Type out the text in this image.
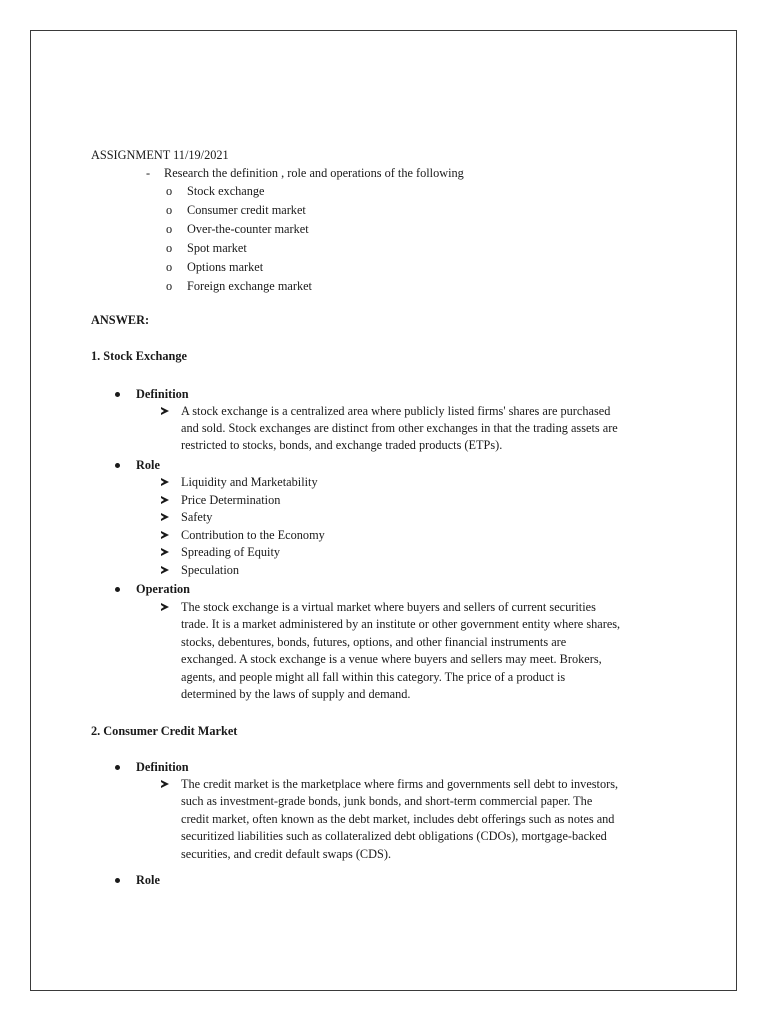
ASSIGNMENT 11/19/2021
- Research the definition , role and operations of the following
o Stock exchange
o Consumer credit market
o Over-the-counter market
o Spot market
o Options market
o Foreign exchange market
ANSWER:
1. Stock Exchange
Definition
A stock exchange is a centralized area where publicly listed firms' shares are purchased
and sold. Stock exchanges are distinct from other exchanges in that the trading assets are
restricted to stocks, bonds, and exchange traded products (ETPs).
Role
Liquidity and Marketability
Price Determination
Safety
Contribution to the Economy
Spreading of Equity
Speculation
Operation
The stock exchange is a virtual market where buyers and sellers of current securities
trade. It is a market administered by an institute or other government entity where shares,
stocks, debentures, bonds, futures, options, and other financial instruments are
exchanged. A stock exchange is a venue where buyers and sellers may meet. Brokers,
agents, and people might all fall within this category. The price of a product is
determined by the laws of supply and demand.
2. Consumer Credit Market
Definition
The credit market is the marketplace where firms and governments sell debt to investors,
such as investment-grade bonds, junk bonds, and short-term commercial paper. The
credit market, often known as the debt market, includes debt offerings such as notes and
securitized liabilities such as collateralized debt obligations (CDOs), mortgage-backed
securities, and credit default swaps (CDS).
Role
